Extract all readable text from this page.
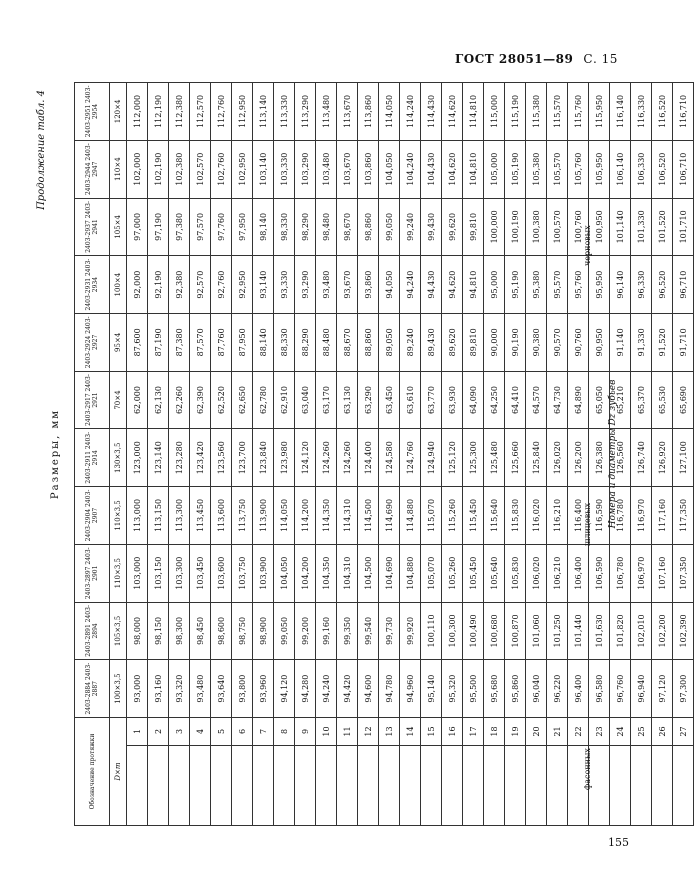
ГОСТ 28051—89 С. 15
Продолжение табл. 4
Размеры, мм
Обозначение протяжки		2403-2884 2403-2887	2403-2891 2403-2894	2403-2897 2403-2901	2403-2904 2403-2907	2403-2911 2403-2914	2403-2917 2403-2921	2403-2924 2403-2927	2403-2931 2403-2934	2403-2937 2403-2941	2403-2944 2403-2947	2403-2951 2403-2954
D×m		100×3,5	105×3,5	110×3,5	110×3,5	130×3,5	70×4	95×4	100×4	105×4	110×4	120×4
	1	93,000	98,000	103,000	113,000	123,000	62,000	87,600	92,000	97,000	102,000	112,000
	2	93,160	98,150	103,150	113,150	123,140	62,130	87,190	92,190	97,190	102,190	112,190
	3	93,320	98,300	103,300	113,300	123,280	62,260	87,380	92,380	97,380	102,380	112,380
	4	93,480	98,450	103,450	113,450	123,420	62,390	87,570	92,570	97,570	102,570	112,570
	5	93,640	98,600	103,600	113,600	123,560	62,520	87,760	92,760	97,760	102,760	112,760
	6	93,800	98,750	103,750	113,750	123,700	62,650	87,950	92,950	97,950	102,950	112,950
	7	93,960	98,900	103,900	113,900	123,840	62,780	88,140	93,140	98,140	103,140	113,140
	8	94,120	99,050	104,050	114,050	123,980	62,910	88,330	93,330	98,330	103,330	113,330
	9	94,280	99,200	104,200	114,200	124,120	63,040	88,290	93,290	98,290	103,290	113,290
	10	94,240	99,160	104,350	114,350	124,260	63,170	88,480	93,480	98,480	103,480	113,480
	11	94,420	99,350	104,310	114,310	124,260	63,130	88,670	93,670	98,670	103,670	113,670
	12	94,600	99,540	104,500	114,500	124,400	63,290	88,860	93,860	98,860	103,860	113,860
	13	94,780	99,730	104,690	114,690	124,580	63,450	89,050	94,050	99,050	104,050	114,050
	14	94,960	99,920	104,880	114,880	124,760	63,610	89,240	94,240	99,240	104,240	114,240
	15	95,140	100,110	105,070	115,070	124,940	63,770	89,430	94,430	99,430	104,430	114,430
	16	95,320	100,300	105,260	115,260	125,120	63,930	89,620	94,620	99,620	104,620	114,620
	17	95,500	100,490	105,450	115,450	125,300	64,090	89,810	94,810	99,810	104,810	114,810
	18	95,680	100,680	105,640	115,640	125,480	64,250	90,000	95,000	100,000	105,000	115,000
	19	95,860	100,870	105,830	115,830	125,660	64,410	90,190	95,190	100,190	105,190	115,190
	20	96,040	101,060	106,020	116,020	125,840	64,570	90,380	95,380	100,380	105,380	115,380
	21	96,220	101,250	106,210	116,210	126,020	64,730	90,570	95,570	100,570	105,570	115,570
	22	96,400	101,440	106,400	116,400	126,200	64,890	90,760	95,760	100,760	105,760	115,760
	23	96,580	101,630	106,590	116,590	126,380	65,050	90,950	95,950	100,950	105,950	115,950
	24	96,760	101,820	106,780	116,780	126,560	65,210	91,140	96,140	101,140	106,140	116,140
	25	96,940	102,010	106,970	116,970	126,740	65,370	91,330	96,330	101,330	106,330	116,330
	26	97,120	102,200	107,160	117,160	126,920	65,530	91,520	96,520	101,520	106,520	116,520
	27	97,300	102,390	107,350	117,350	127,100	65,690	91,710	96,710	101,710	106,710	116,710
фасонных
шлицевых
черновых
Номера и диаметры Dz зубьев
155
